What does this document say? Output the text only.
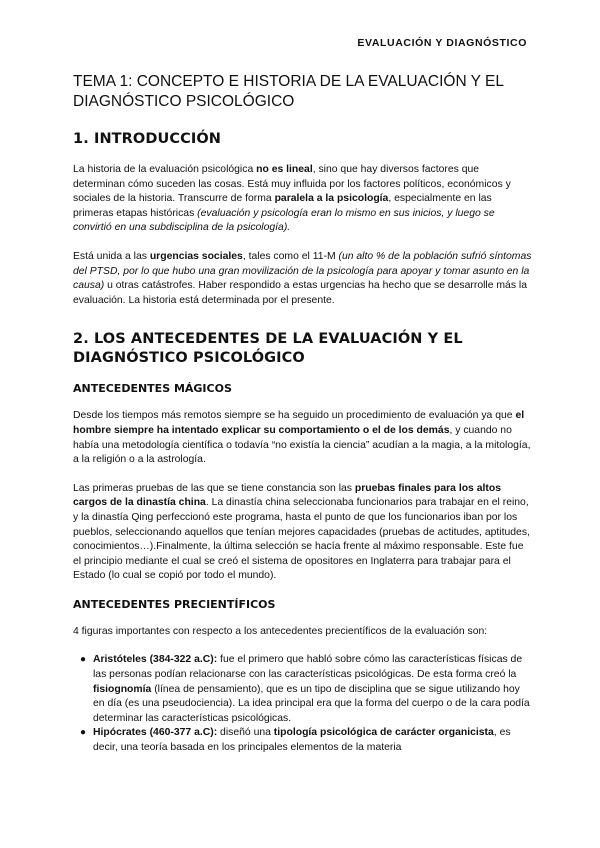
EVALUACIÓN Y DIAGNÓSTICO
TEMA 1: CONCEPTO E HISTORIA DE LA EVALUACIÓN Y EL DIAGNÓSTICO PSICOLÓGICO
1. INTRODUCCIÓN

La historia de la evaluación psicológica no es lineal, sino que hay diversos factores que determinan cómo suceden las cosas. Está muy influida por los factores políticos, económicos y sociales de la historia. Transcurre de forma paralela a la psicología, especialmente en las primeras etapas históricas (evaluación y psicología eran lo mismo en sus inicios, y luego se convirtió en una subdisciplina de la psicología).

Está unida a las urgencias sociales, tales como el 11-M (un alto % de la población sufrió síntomas del PTSD, por lo que hubo una gran movilización de la psicología para apoyar y tomar asunto en la causa) u otras catástrofes. Haber respondido a estas urgencias ha hecho que se desarrolle más la evaluación. La historia está determinada por el presente.

2. LOS ANTECEDENTES DE LA EVALUACIÓN Y EL DIAGNÓSTICO PSICOLÓGICO
ANTECEDENTES MÁGICOS

Desde los tiempos más remotos siempre se ha seguido un procedimiento de evaluación ya que el hombre siempre ha intentado explicar su comportamiento o el de los demás, y cuando no había una metodología científica o todavía “no existía la ciencia” acudían a la magia, a la mitología, a la religión o a la astrología.

Las primeras pruebas de las que se tiene constancia son las pruebas finales para los altos cargos de la dinastía china. La dinastía china seleccionaba funcionarios para trabajar en el reino, y la dinastía Qing perfeccionó este programa, hasta el punto de que los funcionarios iban por los pueblos, seleccionando aquellos que tenían mejores capacidades (pruebas de actitudes, aptitudes, conocimientos…).Finalmente, la última selección se hacía frente al máximo responsable. Este fue el principio mediante el cual se creó el sistema de opositores en Inglaterra para trabajar para el Estado (lo cual se copió por todo el mundo).

ANTECEDENTES PRECIENTÍFICOS

4 figuras importantes con respecto a los antecedentes precientíficos de la evaluación son:

● Aristóteles (384-322 a.C): fue el primero que habló sobre cómo las características físicas de las personas podían relacionarse con las características psicológicas. De esta forma creó la fisiognomía (línea de pensamiento), que es un tipo de disciplina que se sigue utilizando hoy en día (es una pseudociencia). La idea principal era que la forma del cuerpo o de la cara podía determinar las características psicológicas.
● Hipócrates (460-377 a.C): diseñó una tipología psicológica de carácter organicista, es decir, una teoría basada en los principales elementos de la materia
